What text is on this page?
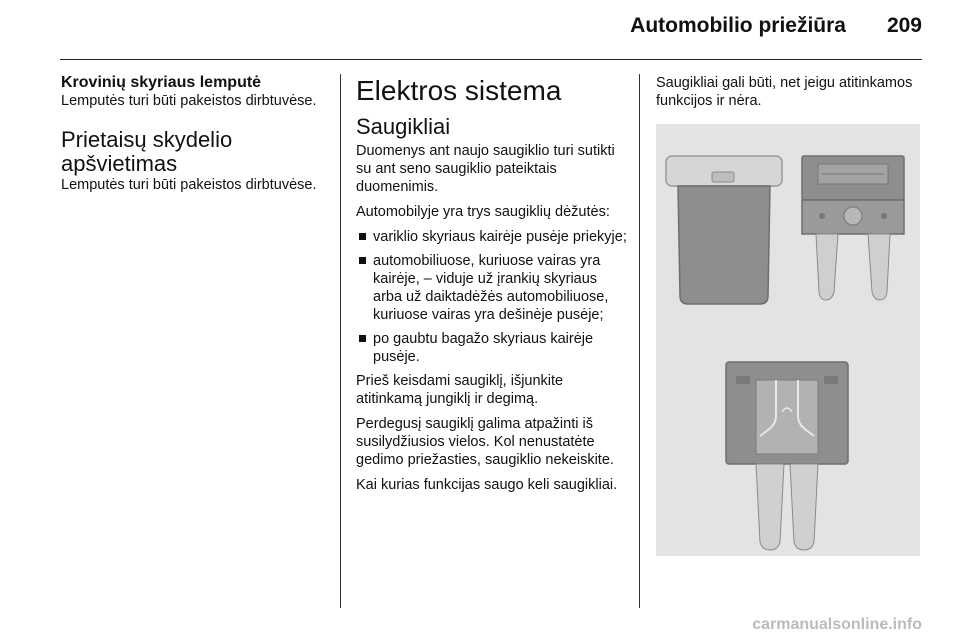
Automobilio priežiūra	209
Krovinių skyriaus lemputė

Lemputės turi būti pakeistos dirbtuvėse.

Prietaisų skydelio apšvietimas

Lemputės turi būti pakeistos dirbtuvėse.

Elektros sistema
Saugikliai

Duomenys ant naujo saugiklio turi sutikti su ant seno saugiklio pateiktais duomenimis.

Automobilyje yra trys saugiklių dėžutės:

variklio skyriaus kairėje pusėje priekyje;
automobiliuose, kuriuose vairas yra kairėje, – viduje už įrankių skyriaus arba už daiktadėžės automobiliuose, kuriuose vairas yra dešinėje pusėje;
po gaubtu bagažo skyriaus kairėje pusėje.

Prieš keisdami saugiklį, išjunkite atitinkamą jungiklį ir degimą.

Perdegusį saugiklį galima atpažinti iš susilydžiusios vielos. Kol nenustatėte gedimo priežasties, saugiklio nekeiskite.

Kai kurias funkcijas saugo keli saugikliai.

Saugikliai gali būti, net jeigu atitinkamos funkcijos ir nėra.

carmanualsonline.info
